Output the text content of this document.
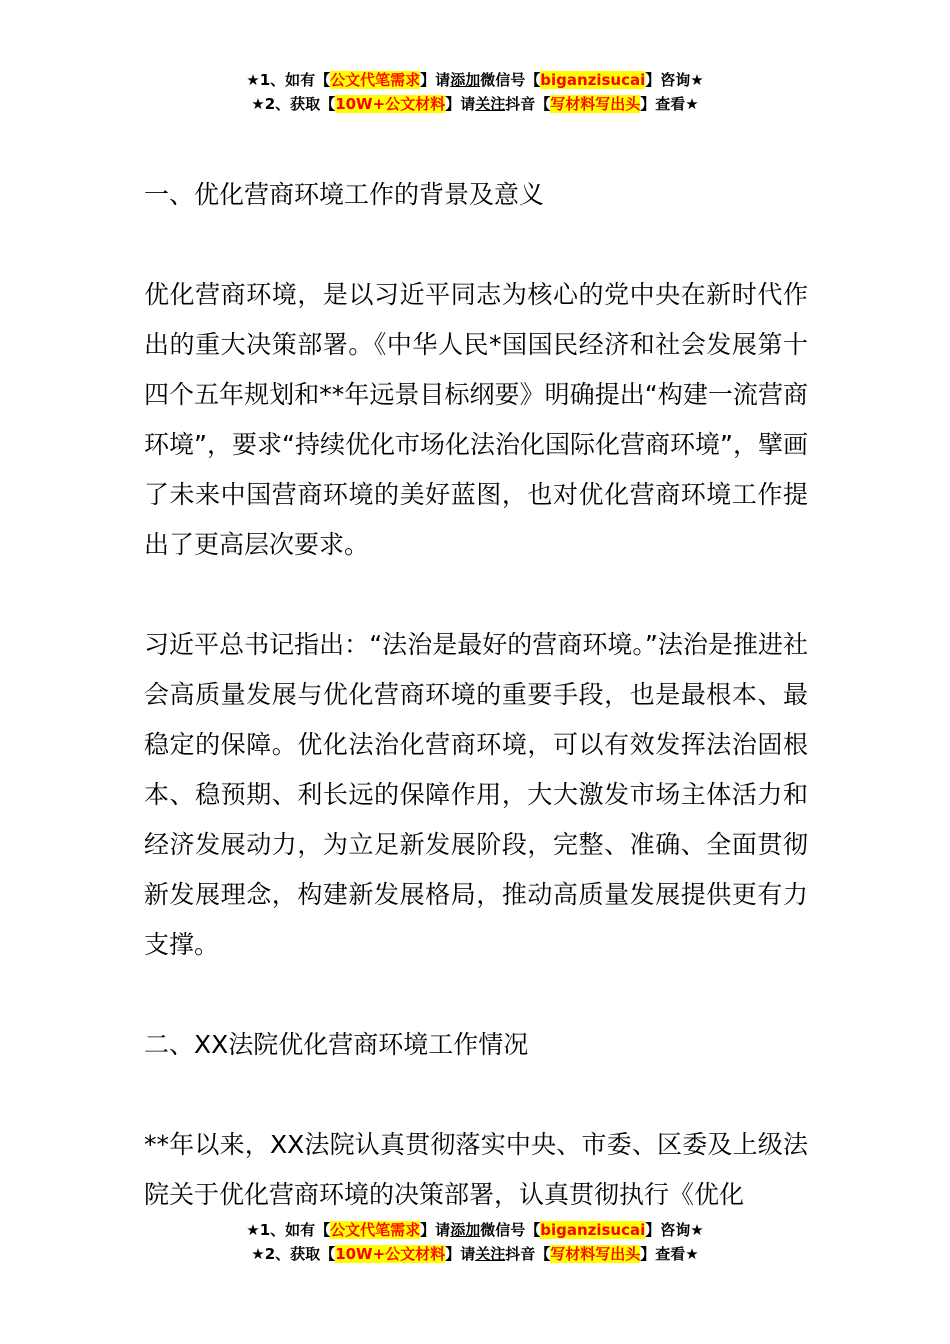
★1、如有【公文代笔需求】请添加微信号【biganzisucai】咨询★
★2、获取【10W+公文材料】请关注抖音【写材料写出头】查看★

一、优化营商环境工作的背景及意义

优化营商环境，是以习近平同志为核心的党中央在新时代作出的重大决策部署。《中华人民*国国民经济和社会发展第十四个五年规划和**年远景目标纲要》明确提出“构建一流营商环境”，要求“持续优化市场化法治化国际化营商环境”，擘画了未来中国营商环境的美好蓝图，也对优化营商环境工作提出了更高层次要求。

习近平总书记指出：“法治是最好的营商环境。”法治是推进社会高质量发展与优化营商环境的重要手段，也是最根本、最稳定的保障。优化法治化营商环境，可以有效发挥法治固根本、稳预期、利长远的保障作用，大大激发市场主体活力和经济发展动力，为立足新发展阶段，完整、准确、全面贯彻新发展理念，构建新发展格局，推动高质量发展提供更有力支撑。

二、XX法院优化营商环境工作情况

**年以来，XX法院认真贯彻落实中央、市委、区委及上级法院关于优化营商环境的决策部署，认真贯彻执行《优化

★1、如有【公文代笔需求】请添加微信号【biganzisucai】咨询★
★2、获取【10W+公文材料】请关注抖音【写材料写出头】查看★
